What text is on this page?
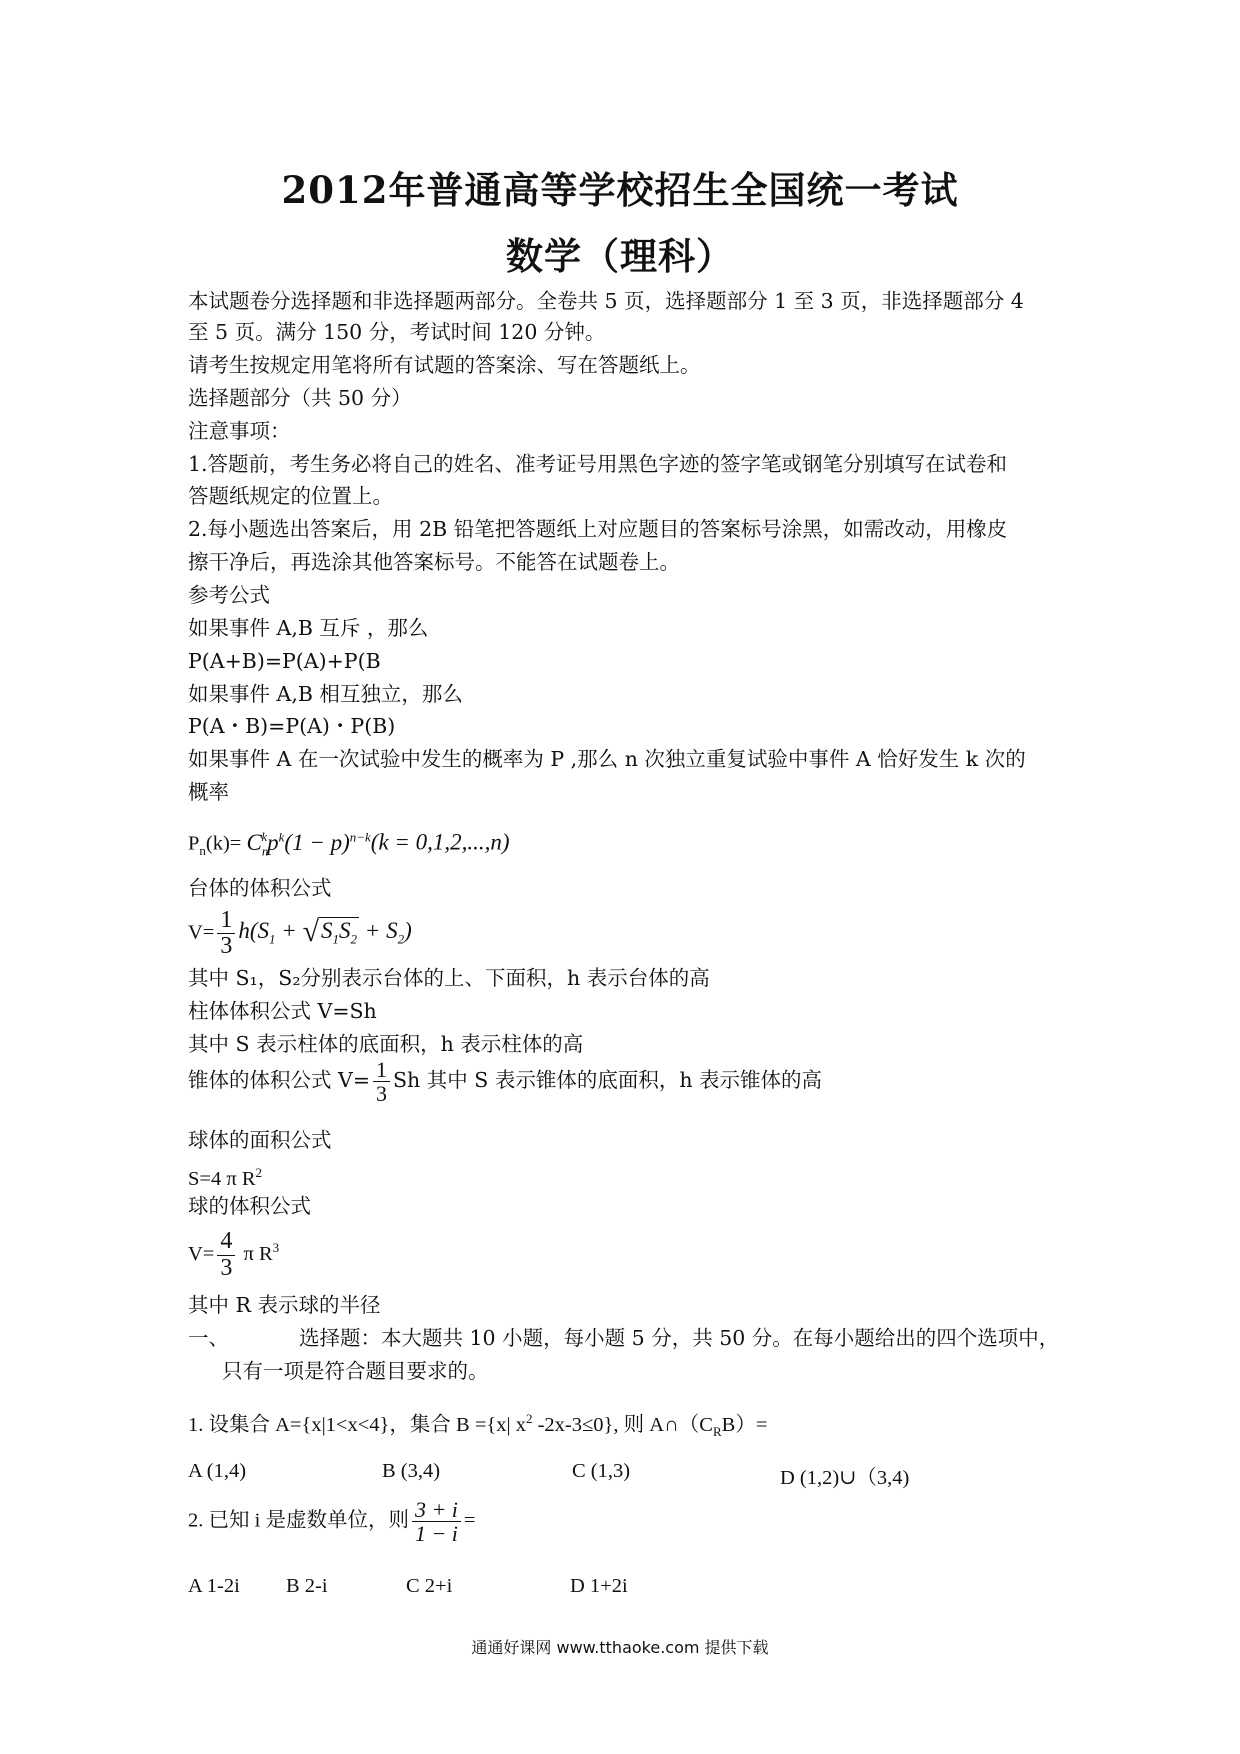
2012年普通高等学校招生全国统一考试
数学（理科）
本试题卷分选择题和非选择题两部分。全卷共 5 页，选择题部分 1 至 3 页，非选择题部分 4
至 5 页。满分 150 分，考试时间 120 分钟。
请考生按规定用笔将所有试题的答案涂、写在答题纸上。
选择题部分（共 50 分）
注意事项：
1.答题前，考生务必将自己的姓名、准考证号用黑色字迹的签字笔或钢笔分别填写在试卷和
答题纸规定的位置上。
2.每小题选出答案后，用 2B 铅笔把答题纸上对应题目的答案标号涂黑，如需改动，用橡皮
擦干净后，再选涂其他答案标号。不能答在试题卷上。
参考公式
如果事件 A,B 互斥 ，那么
P(A+B)=P(A)+P(B
如果事件 A,B 相互独立，那么
P(A・B)=P(A)・P(B)
如果事件 A 在一次试验中发生的概率为 P ,那么 n 次独立重复试验中事件 A 恰好发生 k 次的
概率
$P_n(k)= C_n^kp^k(1 - p)^{n-k}(k = 0,1,2,...,n)$
台体的体积公式
$V= \frac{1}{3} h(S_1 + √S_1S_2 + S_2)$
其中 S₁，S₂分别表示台体的上、下面积，h 表示台体的高
柱体体积公式 V=Sh
其中 S 表示柱体的底面积，h 表示柱体的高
锥体的体积公式 $V= \frac{1}{3}$ Sh 其中 S 表示锥体的底面积，h 表示锥体的高
球体的面积公式
S=4 π $R^2$
球的体积公式
$V= \frac{4}{3}$ π $R^3$
其中 R 表示球的半径
一、	选择题：本大题共 10 小题，每小题 5 分，共 50 分。在每小题给出的四个选项中，
只有一项是符合题目要求的。
1. 设集合 A={x|1<x<4}，集合 B ={x| $x^2$ -2x-3≤0}, 则 $A\cap(C_RB)=$
A (1,4)	B (3,4)	C (1,3)	D (1,2)∪（3,4)
2. 已知 i 是虚数单位，则 $\frac{3 + i}{1 - i}$ =
A 1-2i B 2-i	C 2+i	D 1+2i
通通好课网 www.tthaoke.com 提供下载
